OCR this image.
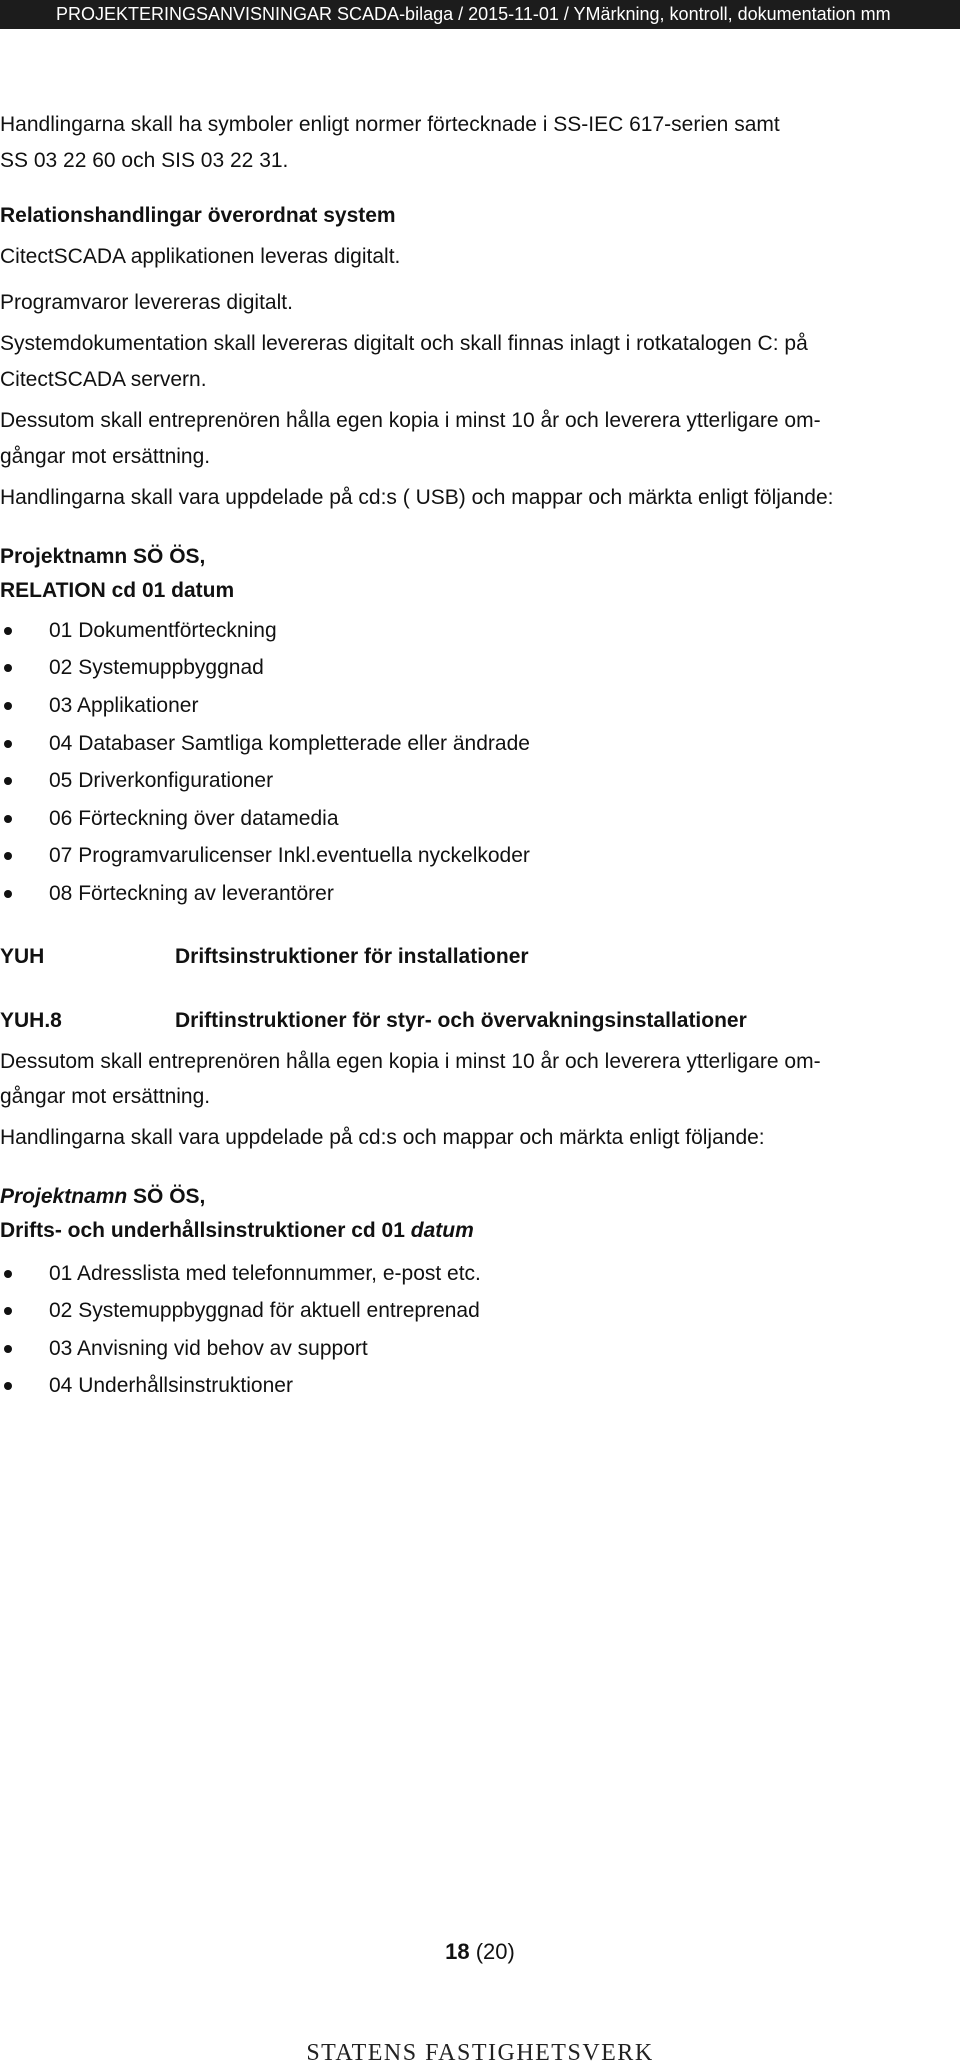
PROJEKTERINGSANVISNINGAR SCADA-bilaga / 2015-11-01 / YMärkning, kontroll, dokumentation mm
Handlingarna skall ha symboler enligt normer förtecknade i SS-IEC 617-serien samt
SS 03 22 60 och SIS 03 22 31.
Relationshandlingar överordnat system
CitectSCADA applikationen leveras digitalt.
Programvaror levereras digitalt.
Systemdokumentation skall levereras digitalt och skall finnas inlagt i rotkatalogen C: på
CitectSCADA servern.
Dessutom skall entreprenören hålla egen kopia i minst 10 år och leverera ytterligare om-
gångar mot ersättning.
Handlingarna skall vara uppdelade på cd:s ( USB) och mappar och märkta enligt följande:
Projektnamn SÖ ÖS,
RELATION cd 01 datum
01 Dokumentförteckning
02 Systemuppbyggnad
03 Applikationer
04 Databaser Samtliga kompletterade eller ändrade
05 Driverkonfigurationer
06 Förteckning över datamedia
07 Programvarulicenser Inkl.eventuella nyckelkoder
08 Förteckning av leverantörer
YUH	Driftsinstruktioner för installationer
YUH.8	Driftinstruktioner för styr- och övervakningsinstallationer
Dessutom skall entreprenören hålla egen kopia i minst 10 år och leverera ytterligare om-
gångar mot ersättning.
Handlingarna skall vara uppdelade på cd:s och mappar och märkta enligt följande:
Projektnamn SÖ ÖS,
Drifts- och underhållsinstruktioner cd 01 datum
01 Adresslista med telefonnummer, e-post etc.
02 Systemuppbyggnad för aktuell entreprenad
03 Anvisning vid behov av support
04 Underhållsinstruktioner
18 (20)
STATENS FASTIGHETSVERK
